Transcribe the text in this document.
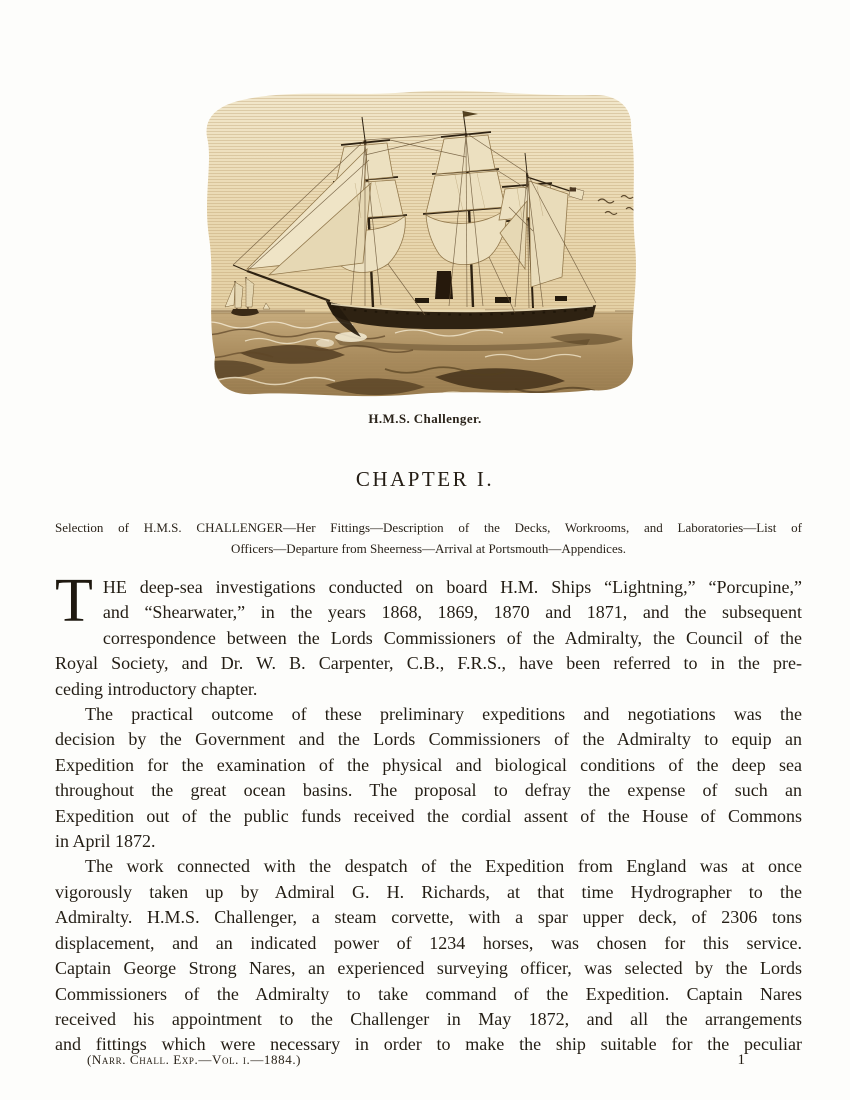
H.M.S. Challenger.
CHAPTER I.
Selection of H.M.S. CHALLENGER—Her Fittings—Description of the Decks, Workrooms, and Laboratories—List of
Officers—Departure from Sheerness—Arrival at Portsmouth—Appendices.
T HE deep-sea investigations conducted on board H.M. Ships “Lightning,” “Porcupine,”
and “Shearwater,” in the years 1868, 1869, 1870 and 1871, and the subsequent
correspondence between the Lords Commissioners of the Admiralty, the Council of the
Royal Society, and Dr. W. B. Carpenter, C.B., F.R.S., have been referred to in the pre-
ceding introductory chapter.
The practical outcome of these preliminary expeditions and negotiations was the
decision by the Government and the Lords Commissioners of the Admiralty to equip an
Expedition for the examination of the physical and biological conditions of the deep sea
throughout the great ocean basins. The proposal to defray the expense of such an
Expedition out of the public funds received the cordial assent of the House of Commons
in April 1872.
The work connected with the despatch of the Expedition from England was at once
vigorously taken up by Admiral G. H. Richards, at that time Hydrographer to the
Admiralty. H.M.S. Challenger, a steam corvette, with a spar upper deck, of 2306 tons
displacement, and an indicated power of 1234 horses, was chosen for this service.
Captain George Strong Nares, an experienced surveying officer, was selected by the Lords
Commissioners of the Admiralty to take command of the Expedition. Captain Nares
received his appointment to the Challenger in May 1872, and all the arrangements
and fittings which were necessary in order to make the ship suitable for the peculiar
(Narr. Chall. Exp.—Vol. i.—1884.)	1
